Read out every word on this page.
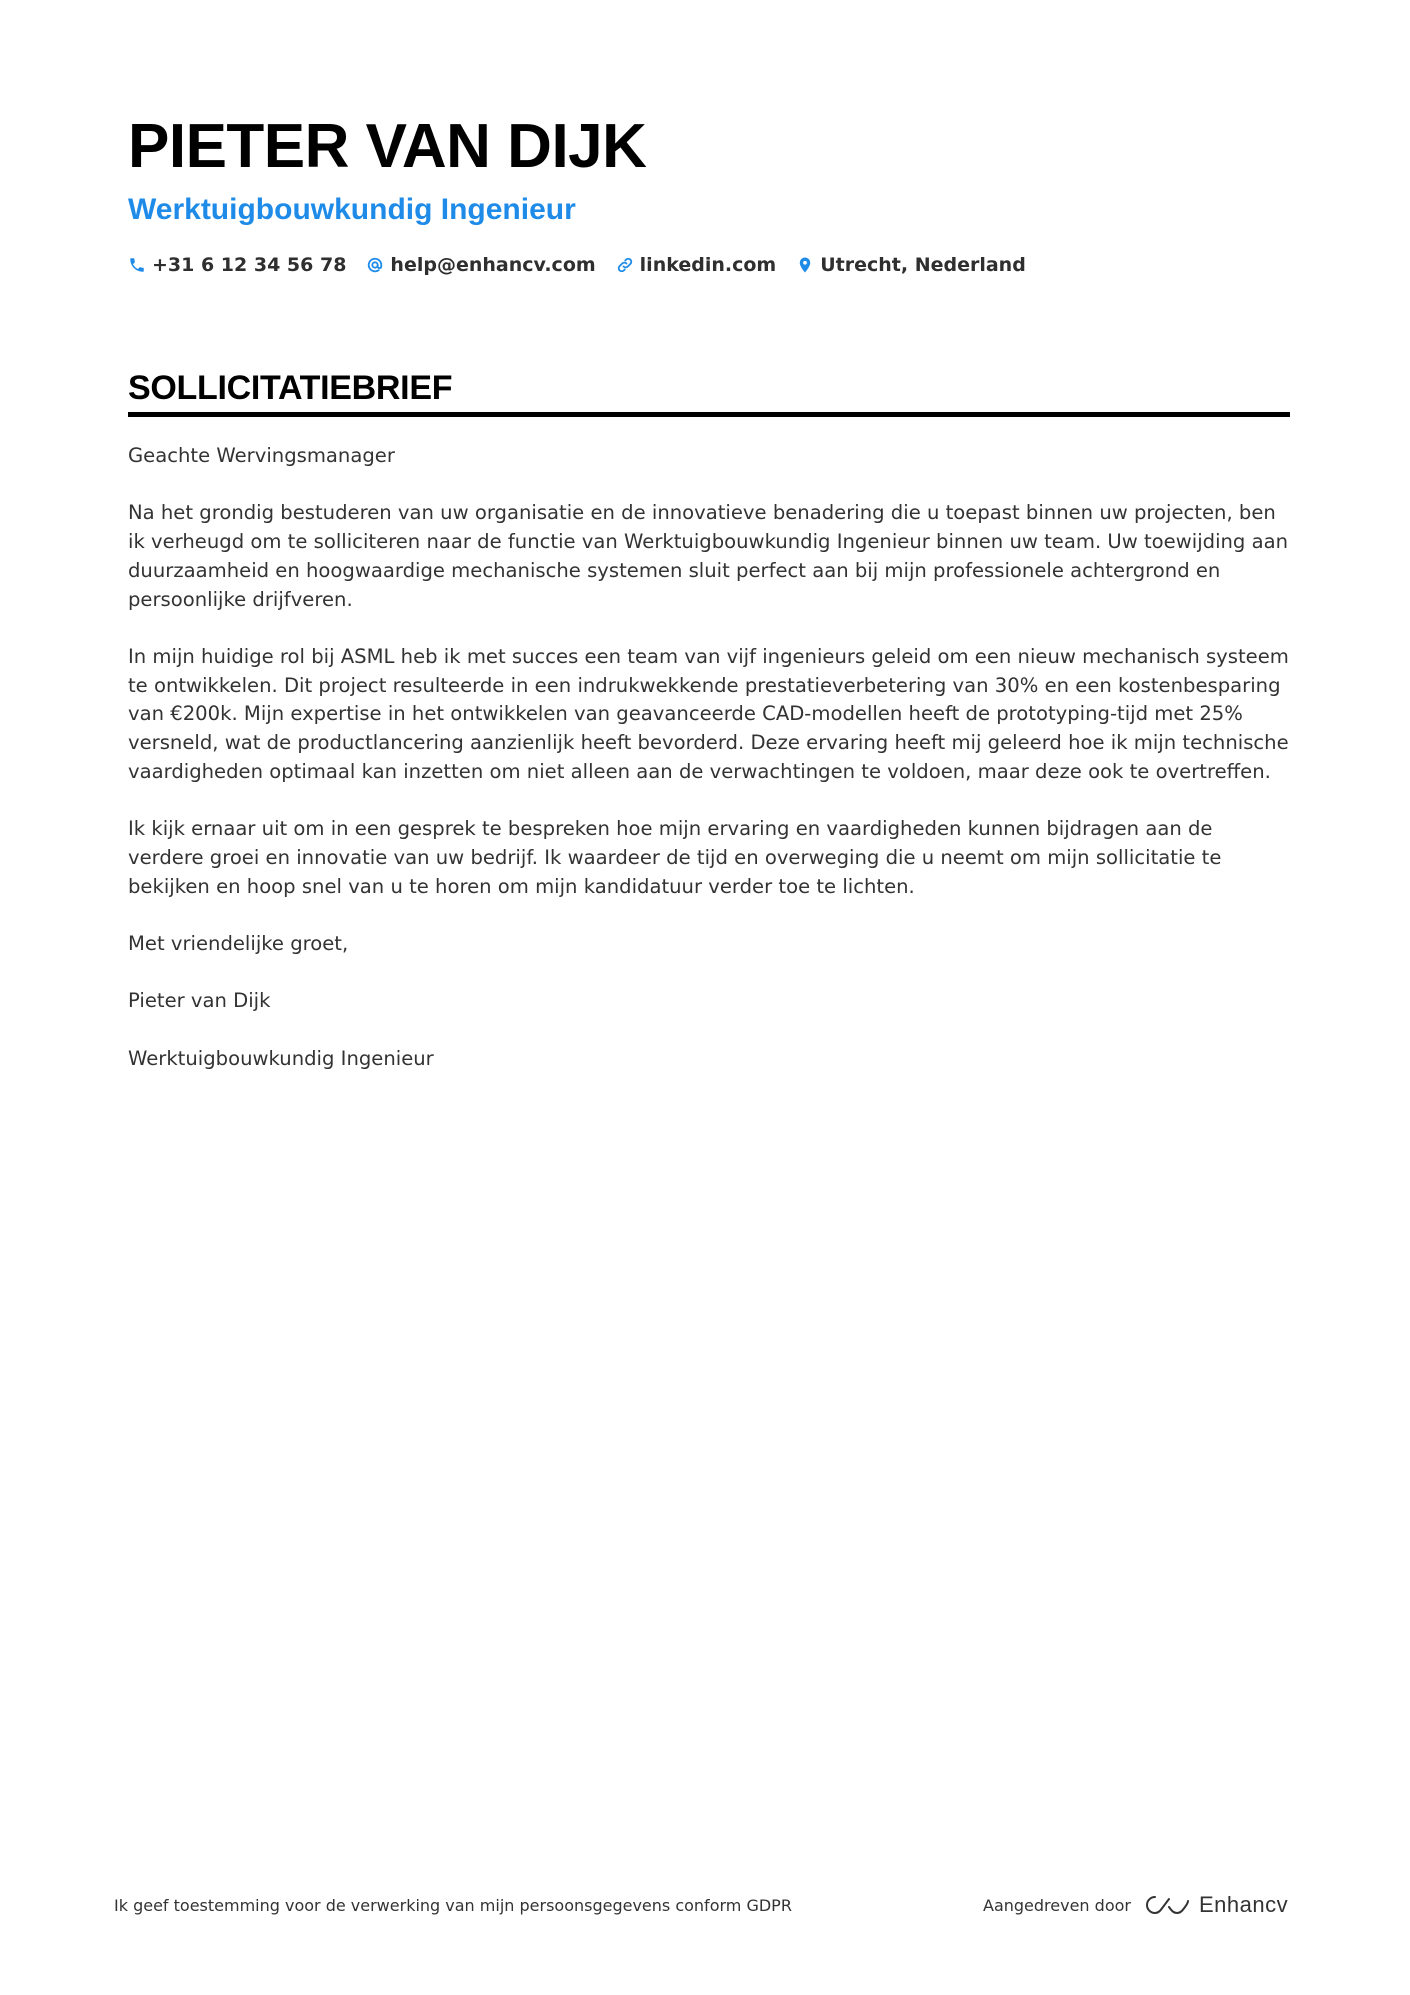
PIETER VAN DIJK
Werktuigbouwkundig Ingenieur
+31 6 12 34 56 78 help@enhancv.com linkedin.com Utrecht, Nederland
SOLLICITATIEBRIEF

Geachte Wervingsmanager

Na het grondig bestuderen van uw organisatie en de innovatieve benadering die u toepast binnen uw projecten, ben ik verheugd om te solliciteren naar de functie van Werktuigbouwkundig Ingenieur binnen uw team. Uw toewijding aan duurzaamheid en hoogwaardige mechanische systemen sluit perfect aan bij mijn professionele achtergrond en persoonlijke drijfveren.

In mijn huidige rol bij ASML heb ik met succes een team van vijf ingenieurs geleid om een nieuw mechanisch systeem te ontwikkelen. Dit project resulteerde in een indrukwekkende prestatieverbetering van 30% en een kostenbesparing van €200k. Mijn expertise in het ontwikkelen van geavanceerde CAD-modellen heeft de prototyping-tijd met 25% versneld, wat de productlancering aanzienlijk heeft bevorderd. Deze ervaring heeft mij geleerd hoe ik mijn technische vaardigheden optimaal kan inzetten om niet alleen aan de verwachtingen te voldoen, maar deze ook te overtreffen.

Ik kijk ernaar uit om in een gesprek te bespreken hoe mijn ervaring en vaardigheden kunnen bijdragen aan de verdere groei en innovatie van uw bedrijf. Ik waardeer de tijd en overweging die u neemt om mijn sollicitatie te bekijken en hoop snel van u te horen om mijn kandidatuur verder toe te lichten.

Met vriendelijke groet,

Pieter van Dijk

Werktuigbouwkundig Ingenieur

Ik geef toestemming voor de verwerking van mijn persoonsgegevens conform GDPR	Aangedreven door	Enhancv
